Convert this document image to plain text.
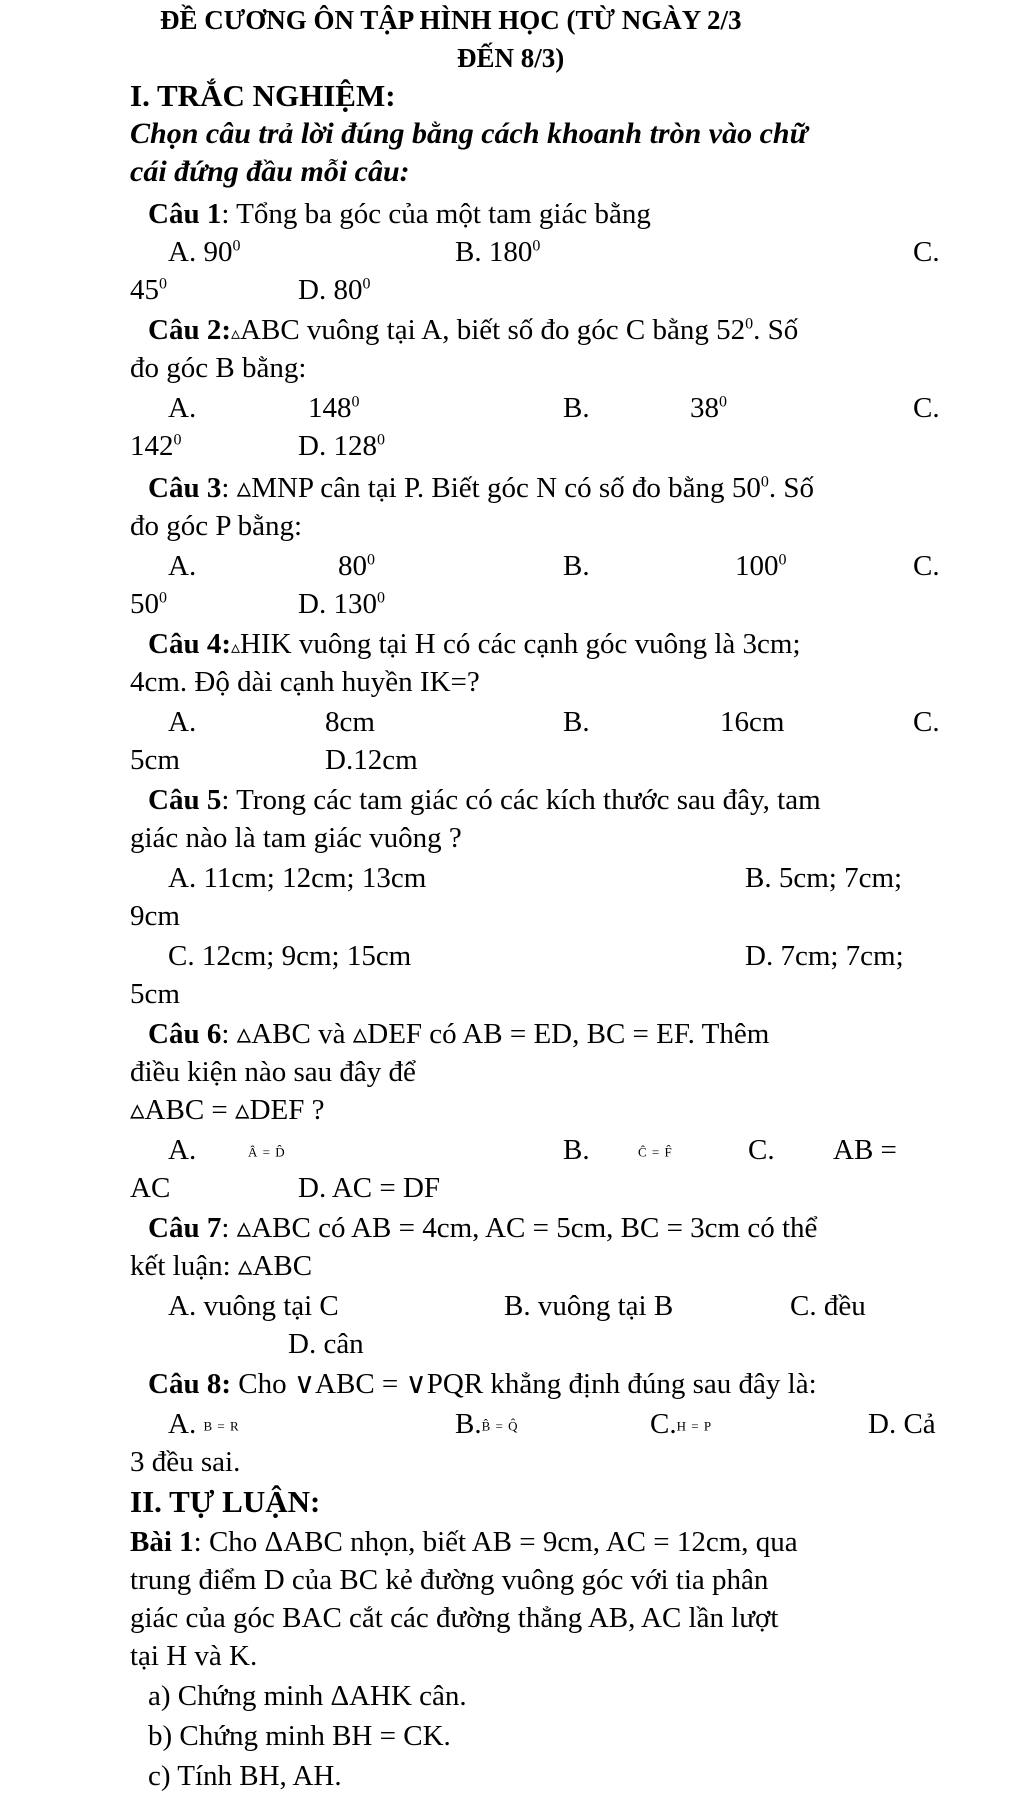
ĐỀ CƯƠNG ÔN TẬP HÌNH HỌC (TỪ NGÀY 2/3
ĐẾN 8/3)
I. TRẮC NGHIỆM:
Chọn câu trả lời đúng bằng cách khoanh tròn vào chữ
cái đứng đầu mỗi câu:
Câu 1: Tổng ba góc của một tam giác bằng
A. $90^0$	B. $180^0$	C.
$45^0$	D. $80^0$
Câu 2:▵ABC vuông tại A, biết số đo góc C bằng $52^0$. Số
đo góc B bằng:
A.	$148^0$	B.	$38^0$	C.
$142^0$	D. $128^0$
Câu 3: ▵MNP cân tại P. Biết góc N có số đo bằng $50^0$. Số
đo góc P bằng:
A.	$80^0$	B.	$100^0$	C.
$50^0$	D. $130^0$
Câu 4:▵HIK vuông tại H có các cạnh góc vuông là 3cm;
4cm. Độ dài cạnh huyền IK=?
A.	8cm	B.	16cm	C.
5cm	D.12cm
Câu 5: Trong các tam giác có các kích thước sau đây, tam
giác nào là tam giác vuông ?
A. 11cm; 12cm; 13cm	B. 5cm; 7cm;
9cm
C. 12cm; 9cm; 15cm	D. 7cm; 7cm;
5cm
Câu 6: ▵ABC và ▵DEF có AB = ED, BC = EF. Thêm
điều kiện nào sau đây để
▵ABC = ▵DEF ?
A.	Â = D̂	B.	Ĉ = F̂	C. AB =
AC	D. AC = DF
Câu 7: ▵ABC có AB = 4cm, AC = 5cm, BC = 3cm có thể
kết luận: ▵ABC
A. vuông tại C	B. vuông tại B	C. đều
D. cân
Câu 8: Cho ∨ABC = ∨PQR khẳng định đúng sau đây là:
A. B = R	B.B̂ = Q̂	C.H = P	D. Cả
3 đều sai.
II. TỰ LUẬN:
Bài 1: Cho ΔABC nhọn, biết AB = 9cm, AC = 12cm, qua
trung điểm D của BC kẻ đường vuông góc với tia phân
giác của góc BAC cắt các đường thẳng AB, AC lần lượt
tại H và K.
a) Chứng minh ΔAHK cân.
b) Chứng minh BH = CK.
c) Tính BH, AH.
